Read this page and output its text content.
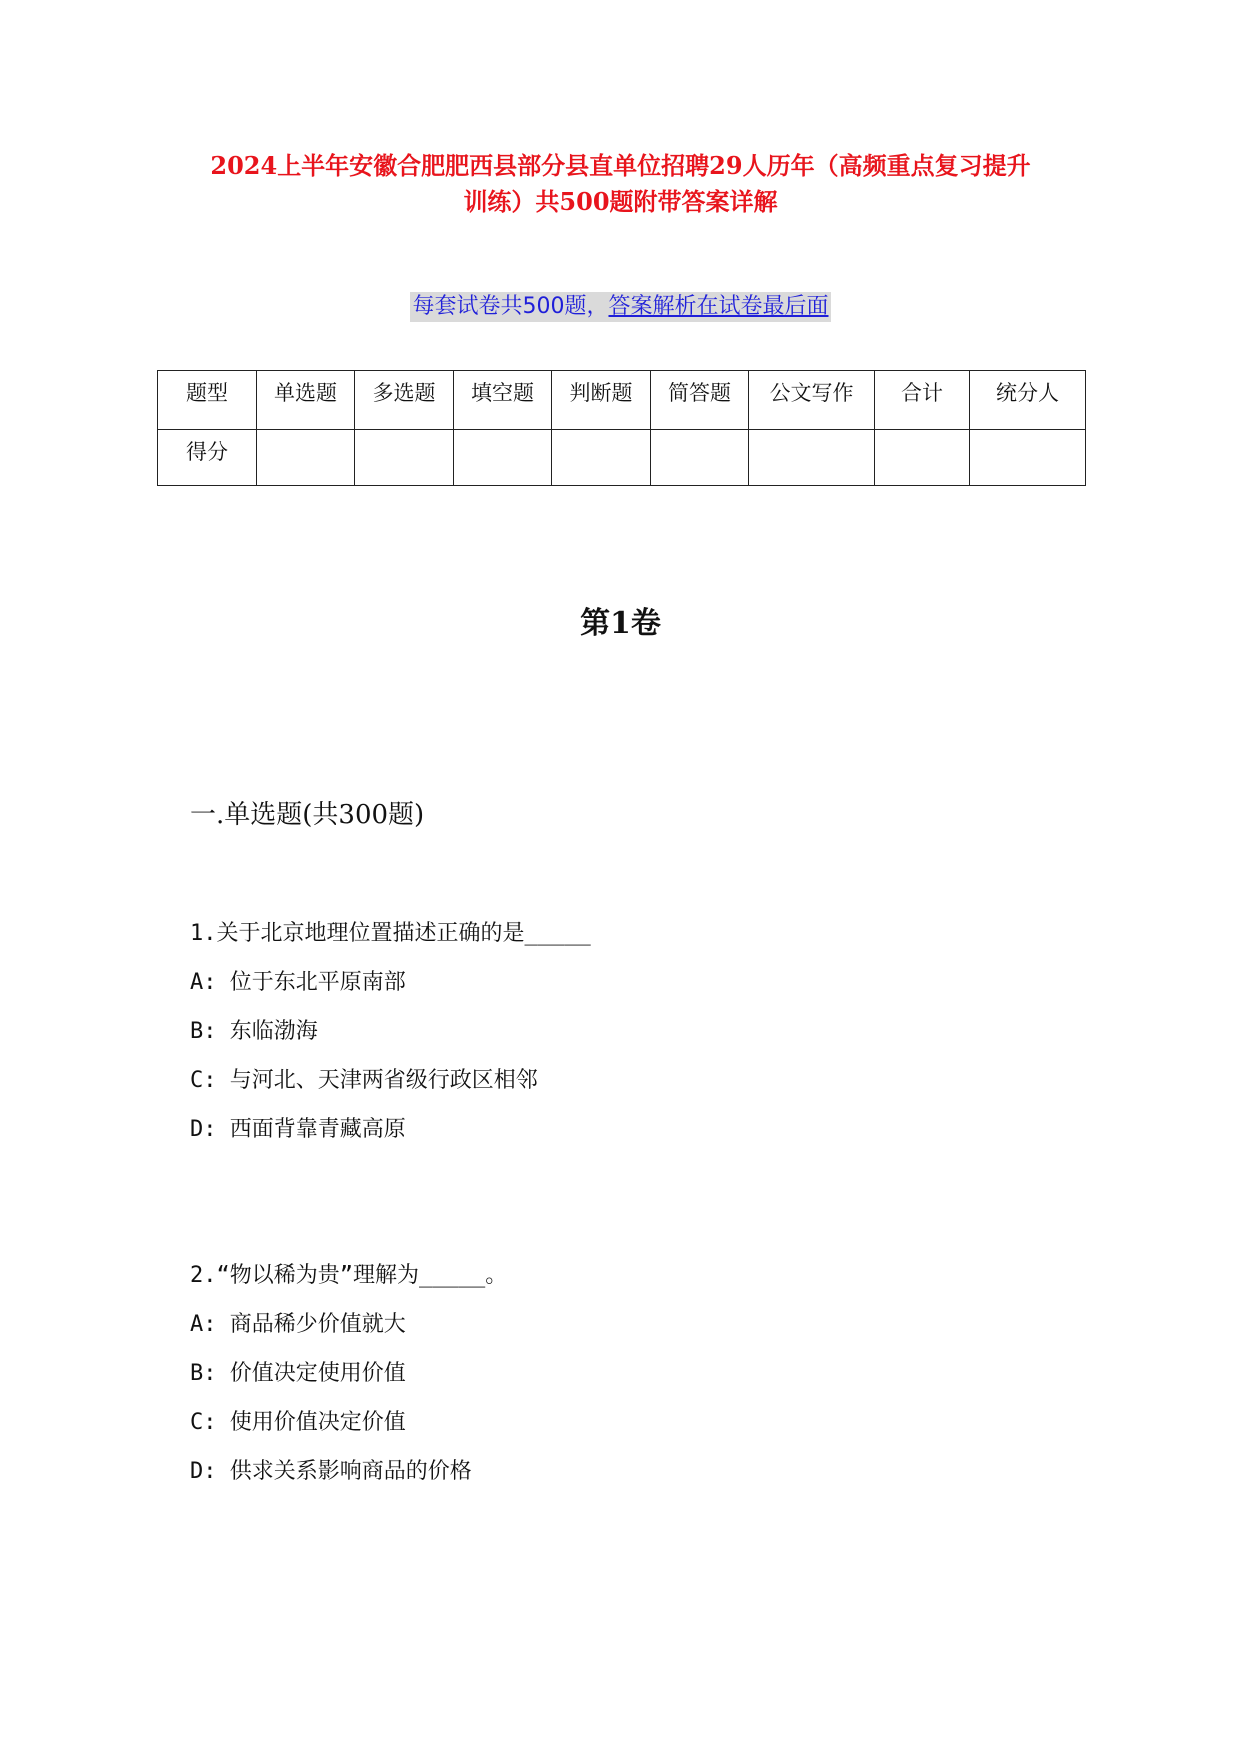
2024上半年安徽合肥肥西县部分县直单位招聘29人历年（高频重点复习提升
训练）共500题附带答案详解
每套试卷共500题，答案解析在试卷最后面
题型	单选题	多选题	填空题	判断题	简答题	公文写作	合计	统分人
得分								
第1卷
一.单选题(共300题)
1.关于北京地理位置描述正确的是_____
A: 位于东北平原南部
B: 东临渤海
C: 与河北、天津两省级行政区相邻
D: 西面背靠青藏高原
2.“物以稀为贵”理解为_____。
A: 商品稀少价值就大
B: 价值决定使用价值
C: 使用价值决定价值
D: 供求关系影响商品的价格
